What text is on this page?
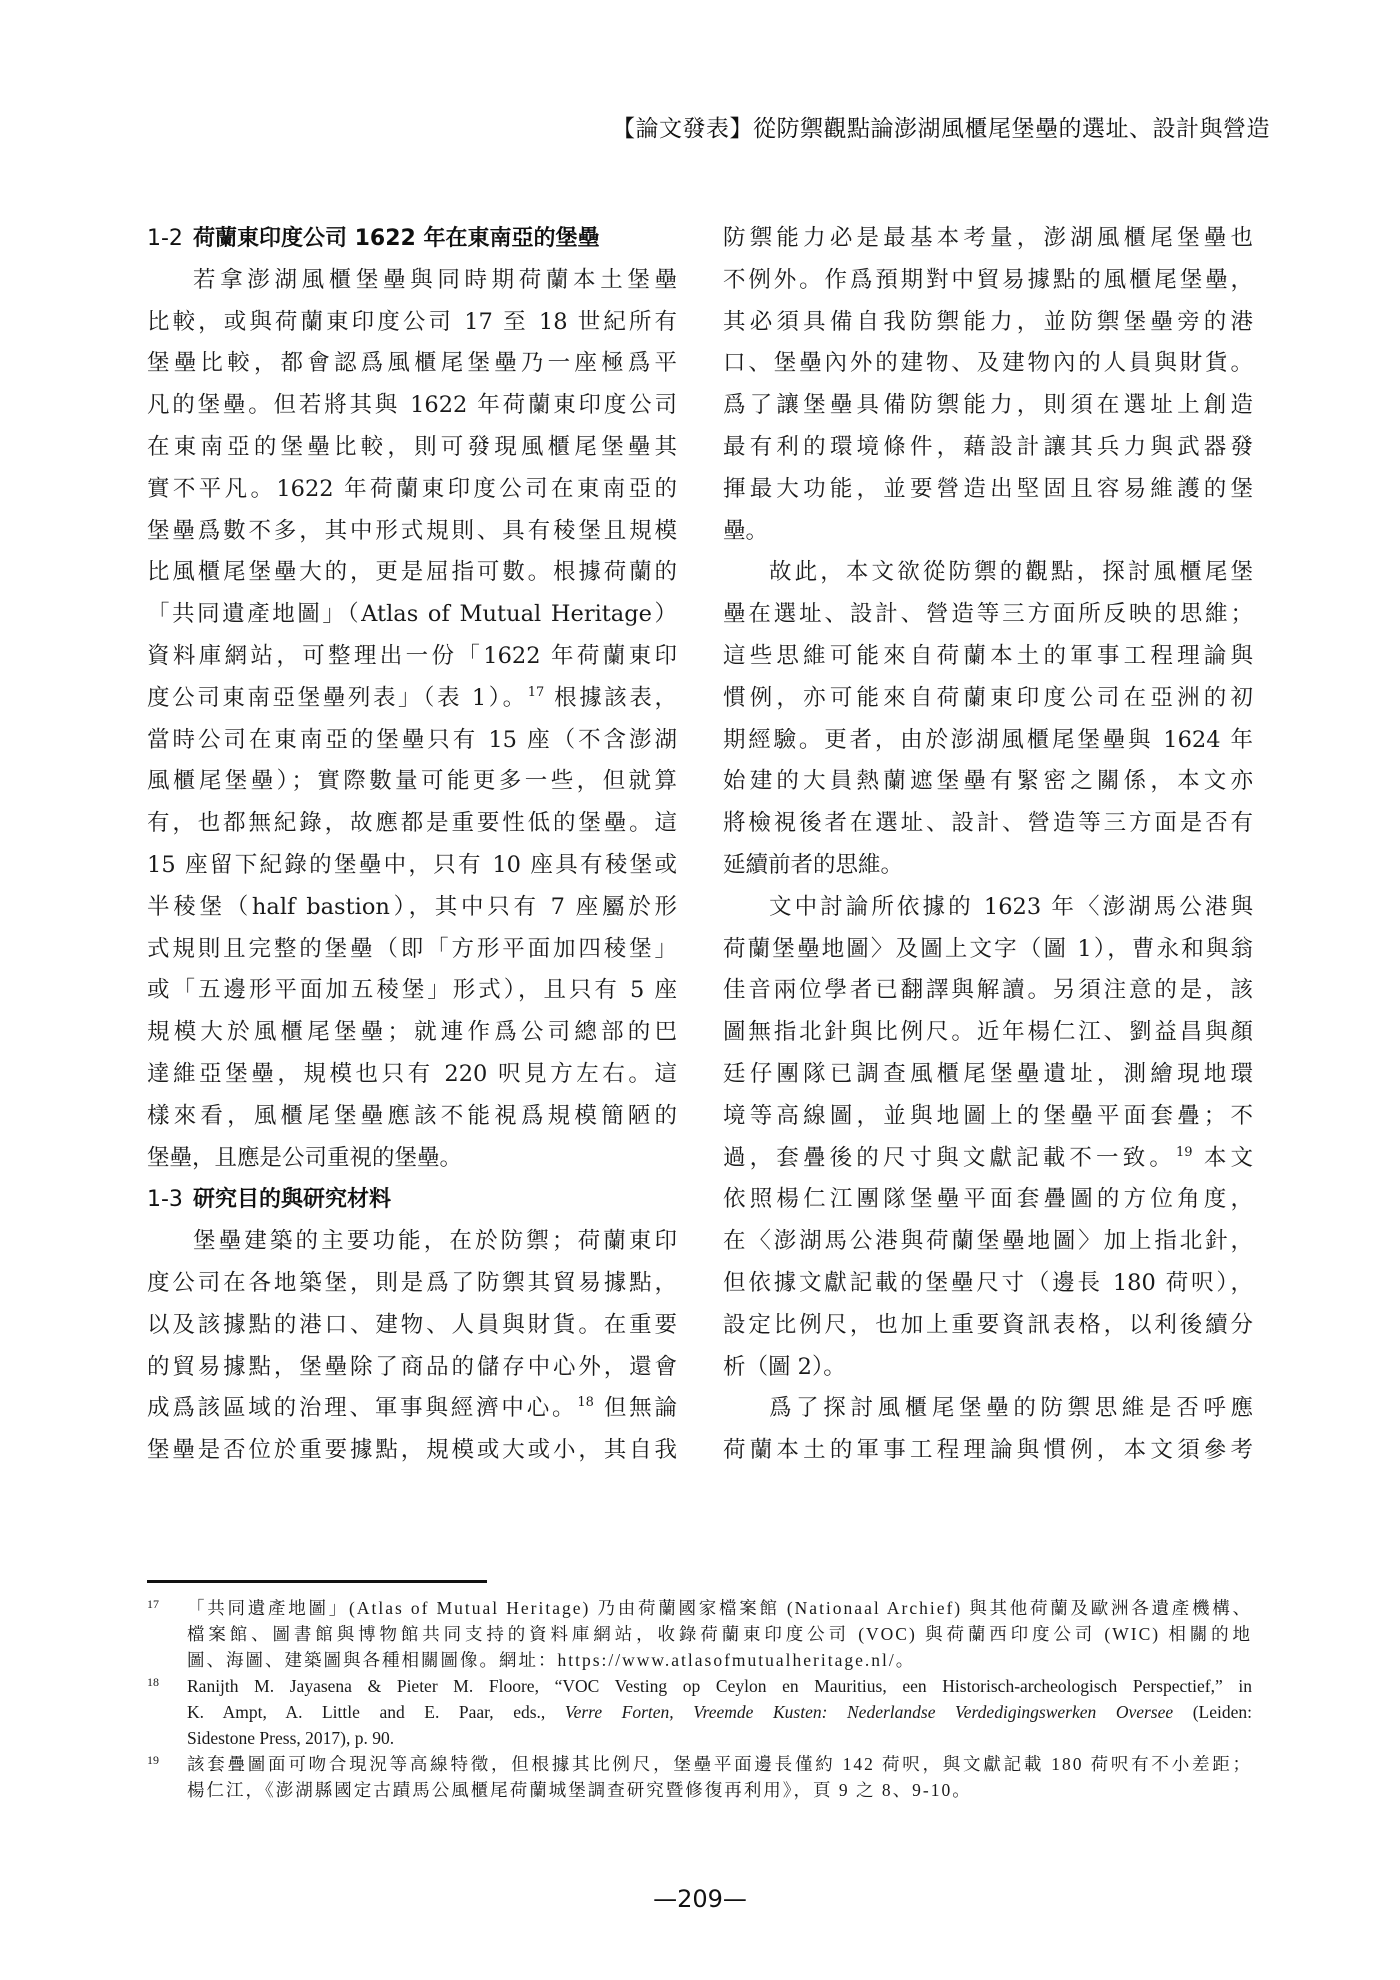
【論文發表】從防禦觀點論澎湖風櫃尾堡壘的選址、設計與營造
1-2 荷蘭東印度公司 1622 年在東南亞的堡壘
若拿澎湖風櫃堡壘與同時期荷蘭本土堡壘
比較，或與荷蘭東印度公司 17 至 18 世紀所有
堡壘比較，都會認爲風櫃尾堡壘乃一座極爲平
凡的堡壘。但若將其與 1622 年荷蘭東印度公司
在東南亞的堡壘比較，則可發現風櫃尾堡壘其
實不平凡。1622 年荷蘭東印度公司在東南亞的
堡壘爲數不多，其中形式規則、具有稜堡且規模
比風櫃尾堡壘大的，更是屈指可數。根據荷蘭的
「共同遺產地圖」（Atlas of Mutual Heritage）
資料庫網站，可整理出一份「1622 年荷蘭東印
度公司東南亞堡壘列表」（表 1）。$^{17}$ 根據該表，
當時公司在東南亞的堡壘只有 15 座（不含澎湖
風櫃尾堡壘）；實際數量可能更多一些，但就算
有，也都無紀錄，故應都是重要性低的堡壘。這
15 座留下紀錄的堡壘中，只有 10 座具有稜堡或
半稜堡（half bastion），其中只有 7 座屬於形
式規則且完整的堡壘（即「方形平面加四稜堡」
或「五邊形平面加五稜堡」形式），且只有 5 座
規模大於風櫃尾堡壘；就連作爲公司總部的巴
達維亞堡壘，規模也只有 220 呎見方左右。這
樣來看，風櫃尾堡壘應該不能視爲規模簡陋的
堡壘，且應是公司重視的堡壘。
1-3 研究目的與研究材料
堡壘建築的主要功能，在於防禦；荷蘭東印
度公司在各地築堡，則是爲了防禦其貿易據點，
以及該據點的港口、建物、人員與財貨。在重要
的貿易據點，堡壘除了商品的儲存中心外，還會
成爲該區域的治理、軍事與經濟中心。$^{18}$ 但無論
堡壘是否位於重要據點，規模或大或小，其自我
防禦能力必是最基本考量，澎湖風櫃尾堡壘也
不例外。作爲預期對中貿易據點的風櫃尾堡壘，
其必須具備自我防禦能力，並防禦堡壘旁的港
口、堡壘內外的建物、及建物內的人員與財貨。
爲了讓堡壘具備防禦能力，則須在選址上創造
最有利的環境條件，藉設計讓其兵力與武器發
揮最大功能，並要營造出堅固且容易維護的堡
壘。
故此，本文欲從防禦的觀點，探討風櫃尾堡
壘在選址、設計、營造等三方面所反映的思維；
這些思維可能來自荷蘭本土的軍事工程理論與
慣例，亦可能來自荷蘭東印度公司在亞洲的初
期經驗。更者，由於澎湖風櫃尾堡壘與 1624 年
始建的大員熱蘭遮堡壘有緊密之關係，本文亦
將檢視後者在選址、設計、營造等三方面是否有
延續前者的思維。
文中討論所依據的 1623 年〈澎湖馬公港與
荷蘭堡壘地圖〉及圖上文字（圖 1），曹永和與翁
佳音兩位學者已翻譯與解讀。另須注意的是，該
圖無指北針與比例尺。近年楊仁江、劉益昌與顏
廷仔團隊已調查風櫃尾堡壘遺址，測繪現地環
境等高線圖，並與地圖上的堡壘平面套疊；不
過，套疊後的尺寸與文獻記載不一致。$^{19}$ 本文
依照楊仁江團隊堡壘平面套疊圖的方位角度，
在〈澎湖馬公港與荷蘭堡壘地圖〉加上指北針，
但依據文獻記載的堡壘尺寸（邊長 180 荷呎），
設定比例尺，也加上重要資訊表格，以利後續分
析（圖 2）。
爲了探討風櫃尾堡壘的防禦思維是否呼應
荷蘭本土的軍事工程理論與慣例，本文須參考
17 「共同遺產地圖」(Atlas of Mutual Heritage) 乃由荷蘭國家檔案館 (Nationaal Archief) 與其他荷蘭及歐洲各遺產機構、
檔案館、圖書館與博物館共同支持的資料庫網站，收錄荷蘭東印度公司 (VOC) 與荷蘭西印度公司 (WIC) 相關的地
圖、海圖、建築圖與各種相關圖像。網址：https://www.atlasofmutualheritage.nl/。
18 Ranijth M. Jayasena & Pieter M. Floore, “VOC Vesting op Ceylon en Mauritius, een Historisch-archeologisch Perspectief,” in
K. Ampt, A. Little and E. Paar, eds., Verre Forten, Vreemde Kusten: Nederlandse Verdedigingswerken Oversee (Leiden:
Sidestone Press, 2017), p. 90.
19 該套疊圖面可吻合現況等高線特徵，但根據其比例尺，堡壘平面邊長僅約 142 荷呎，與文獻記載 180 荷呎有不小差距；
楊仁江，《澎湖縣國定古蹟馬公風櫃尾荷蘭城堡調查研究暨修復再利用》，頁 9 之 8、9-10。
—209—
